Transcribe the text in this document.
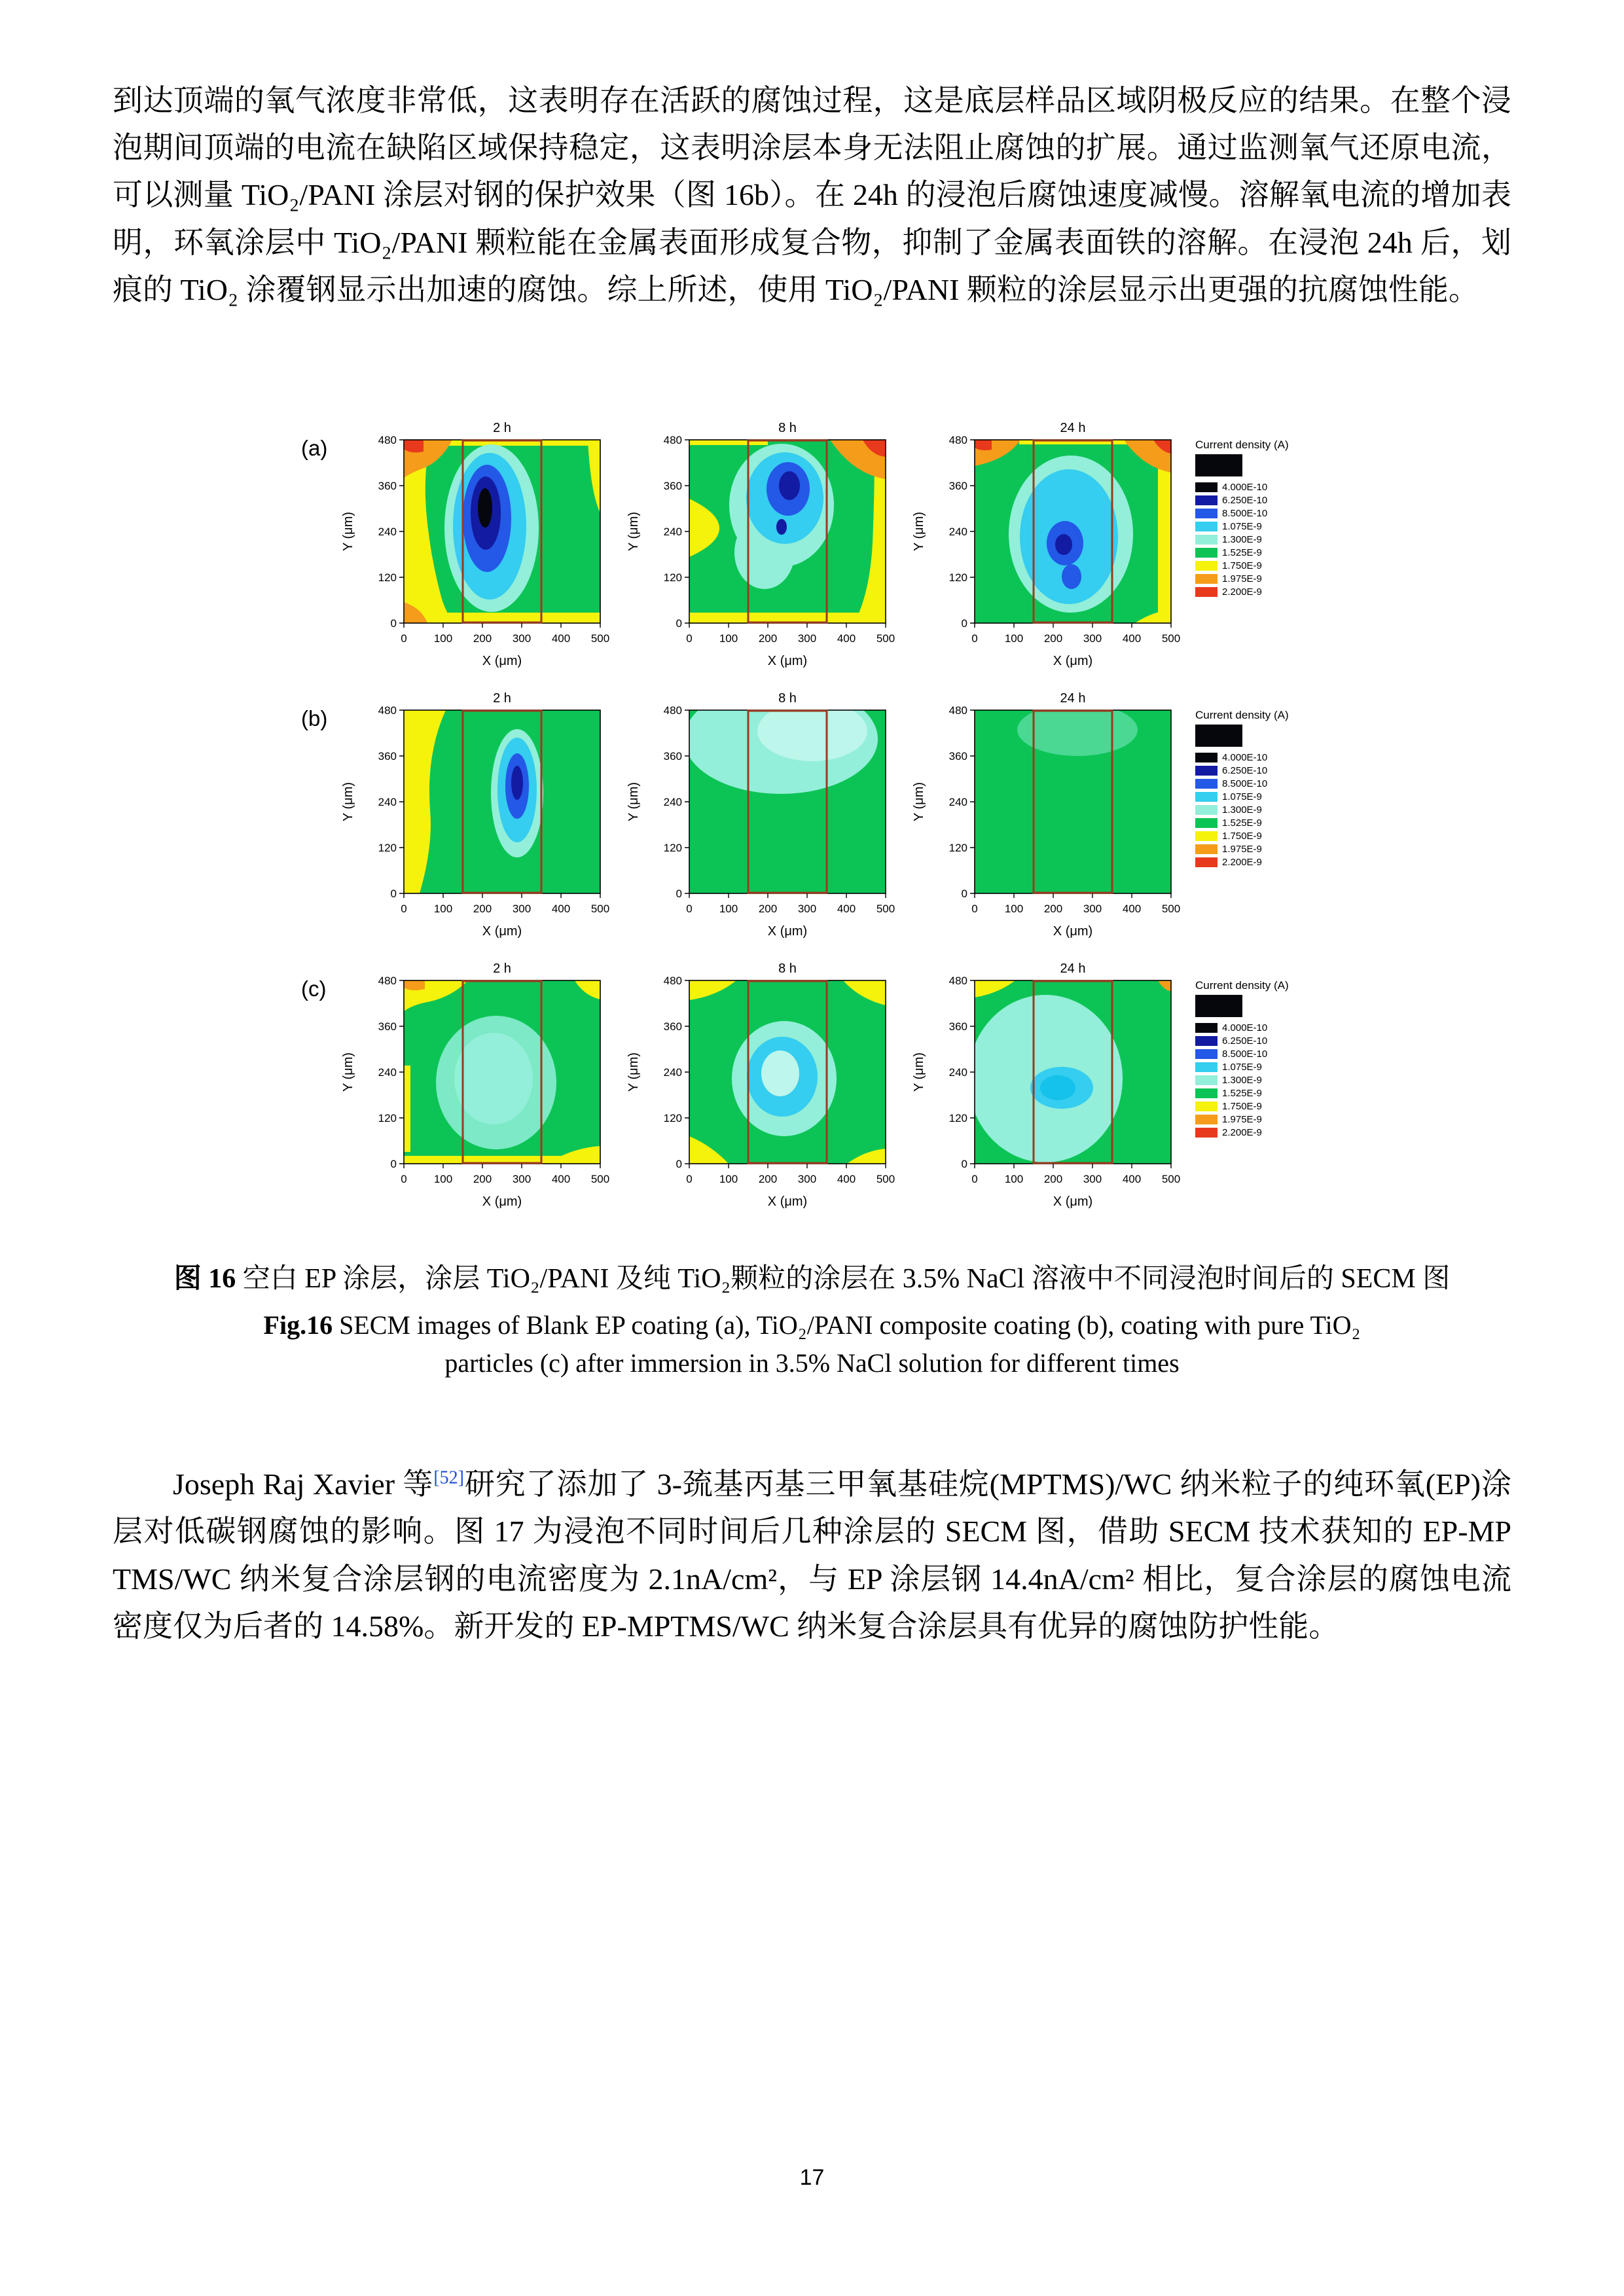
到达顶端的氧气浓度非常低，这表明存在活跃的腐蚀过程，这是底层样品区域阴极反应的结果。在整个浸泡期间顶端的电流在缺陷区域保持稳定，这表明涂层本身无法阻止腐蚀的扩展。通过监测氧气还原电流，可以测量 TiO₂/PANI 涂层对钢的保护效果（图 16b）。在 24h 的浸泡后腐蚀速度减慢。溶解氧电流的增加表明，环氧涂层中 TiO₂/PANI 颗粒能在金属表面形成复合物，抑制了金属表面铁的溶解。在浸泡 24h 后，划痕的 TiO₂ 涂覆钢显示出加速的腐蚀。综上所述，使用 TiO₂/PANI 颗粒的涂层显示出更强的抗腐蚀性能。

(a)
2 h
0
120
240
360
480
0 100 200 300 400 500
X (μm)
Y (μm)
8 h
0
120
240
360
480
0 100 200 300 400 500
X (μm)
Y (μm)
24 h
0
120
240
360
480
0 100 200 300 400 500
X (μm)
Y (μm)
Current density (A)
4.000E-10
6.250E-10
8.500E-10
1.075E-9
1.300E-9
1.525E-9
1.750E-9
1.975E-9
2.200E-9
(b)
2 h
0
120
240
360
480
0 100 200 300 400 500
X (μm)
Y (μm)
8 h
0
120
240
360
480
0 100 200 300 400 500
X (μm)
Y (μm)
24 h
0
120
240
360
480
0 100 200 300 400 500
X (μm)
Y (μm)
Current density (A)
4.000E-10
6.250E-10
8.500E-10
1.075E-9
1.300E-9
1.525E-9
1.750E-9
1.975E-9
2.200E-9
(c)
2 h
0
120
240
360
480
0 100 200 300 400 500
X (μm)
Y (μm)
8 h
0
120
240
360
480
0 100 200 300 400 500
X (μm)
Y (μm)
24 h
0
120
240
360
480
0 100 200 300 400 500
X (μm)
Y (μm)
Current density (A)
4.000E-10
6.250E-10
8.500E-10
1.075E-9
1.300E-9
1.525E-9
1.750E-9
1.975E-9
2.200E-9
图 16 空白 EP 涂层，涂层 TiO₂/PANI 及纯 TiO₂颗粒的涂层在 3.5% NaCl 溶液中不同浸泡时间后的 SECM 图
Fig.16 SECM images of Blank EP coating (a), TiO₂/PANI composite coating (b), coating with pure TiO₂ particles (c) after immersion in 3.5% NaCl solution for different times

Joseph Raj Xavier 等[52]研究了添加了 3-巯基丙基三甲氧基硅烷(MPTMS)/WC 纳米粒子的纯环氧(EP)涂层对低碳钢腐蚀的影响。图 17 为浸泡不同时间后几种涂层的 SECM 图，借助 SECM 技术获知的 EP-MP TMS/WC 纳米复合涂层钢的电流密度为 2.1nA/cm²，与 EP 涂层钢 14.4nA/cm² 相比，复合涂层的腐蚀电流密度仅为后者的 14.58%。新开发的 EP-MPTMS/WC 纳米复合涂层具有优异的腐蚀防护性能。

17
